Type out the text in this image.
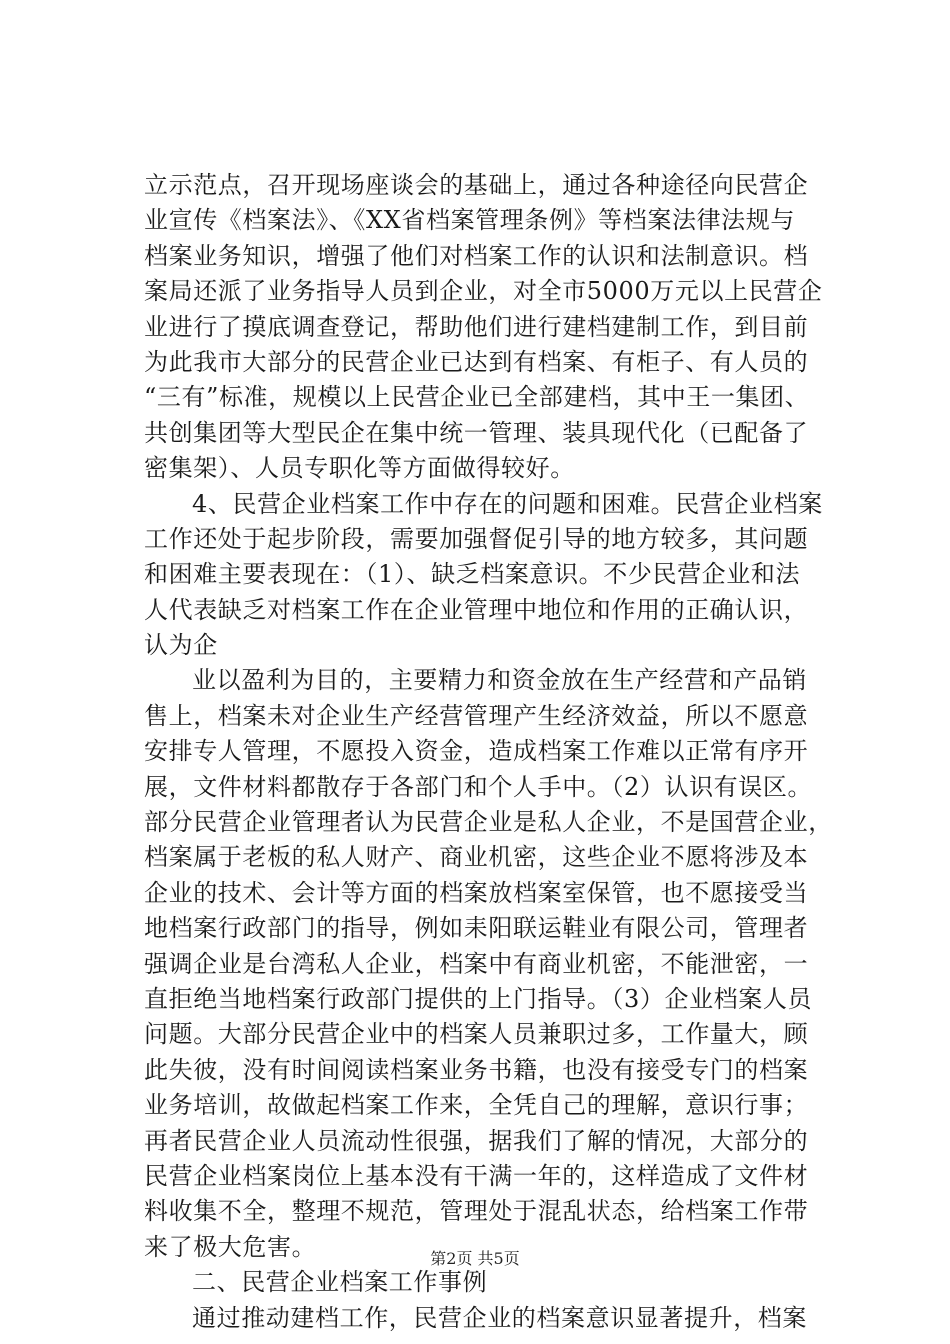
立示范点，召开现场座谈会的基础上，通过各种途径向民营企
业宣传《档案法》、《XX省档案管理条例》等档案法律法规与
档案业务知识，增强了他们对档案工作的认识和法制意识。档
案局还派了业务指导人员到企业，对全市5000万元以上民营企
业进行了摸底调查登记，帮助他们进行建档建制工作，到目前
为此我市大部分的民营企业已达到有档案、有柜子、有人员的
“三有”标准，规模以上民营企业已全部建档，其中王一集团、
共创集团等大型民企在集中统一管理、装具现代化（已配备了
密集架）、人员专职化等方面做得较好。
4、民营企业档案工作中存在的问题和困难。民营企业档案
工作还处于起步阶段，需要加强督促引导的地方较多，其问题
和困难主要表现在：（1）、缺乏档案意识。不少民营企业和法
人代表缺乏对档案工作在企业管理中地位和作用的正确认识，
认为企
业以盈利为目的，主要精力和资金放在生产经营和产品销
售上，档案未对企业生产经营管理产生经济效益，所以不愿意
安排专人管理，不愿投入资金，造成档案工作难以正常有序开
展，文件材料都散存于各部门和个人手中。（2）认识有误区。
部分民营企业管理者认为民营企业是私人企业，不是国营企业，
档案属于老板的私人财产、商业机密，这些企业不愿将涉及本
企业的技术、会计等方面的档案放档案室保管，也不愿接受当
地档案行政部门的指导，例如耒阳联运鞋业有限公司，管理者
强调企业是台湾私人企业，档案中有商业机密，不能泄密，一
直拒绝当地档案行政部门提供的上门指导。（3）企业档案人员
问题。大部分民营企业中的档案人员兼职过多，工作量大，顾
此失彼，没有时间阅读档案业务书籍，也没有接受专门的档案
业务培训，故做起档案工作来，全凭自己的理解，意识行事；
再者民营企业人员流动性很强，据我们了解的情况，大部分的
民营企业档案岗位上基本没有干满一年的，这样造成了文件材
料收集不全，整理不规范，管理处于混乱状态，给档案工作带
来了极大危害。
二、民营企业档案工作事例
通过推动建档工作，民营企业的档案意识显著提升，档案
第2页 共5页
